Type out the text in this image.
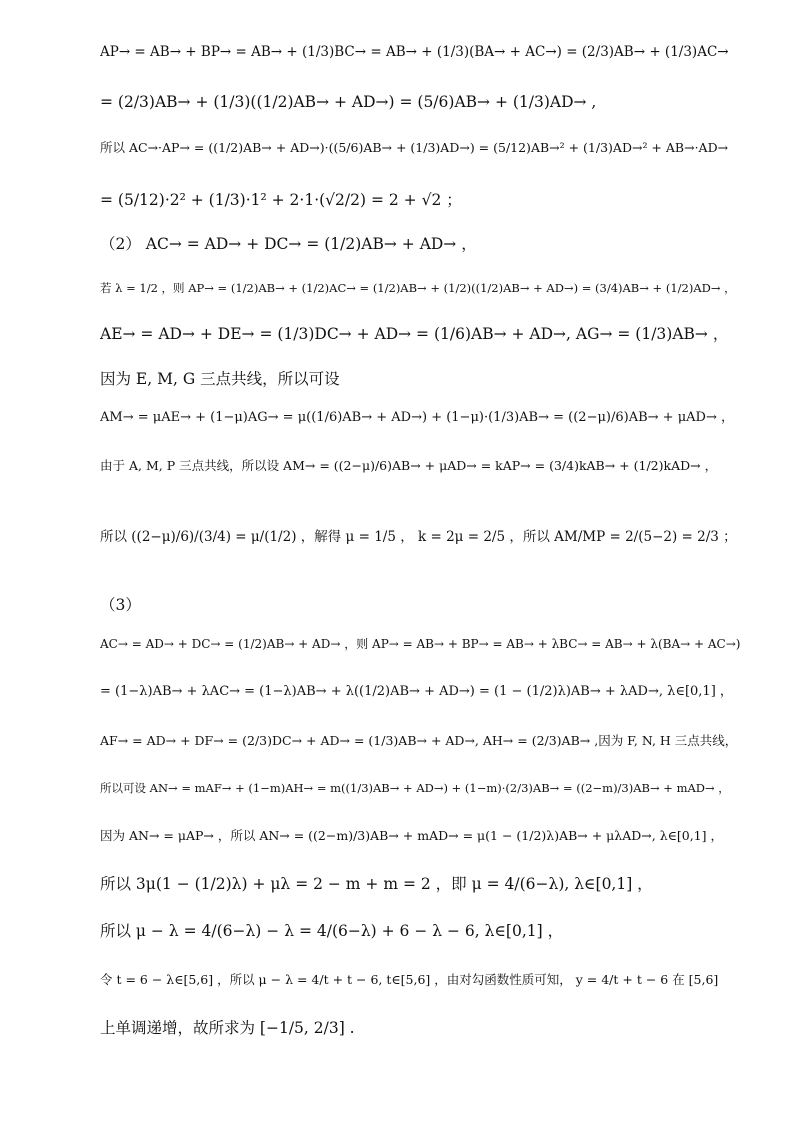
AP→ = AB→ + BP→ = AB→ + (1/3)BC→ = AB→ + (1/3)(BA→ + AC→) = (2/3)AB→ + (1/3)AC→
= (2/3)AB→ + (1/3)((1/2)AB→ + AD→) = (5/6)AB→ + (1/3)AD→ ,
所以 AC→·AP→ = ((1/2)AB→ + AD→)·((5/6)AB→ + (1/3)AD→) = (5/12)AB→² + (1/3)AD→² + AB→·AD→
= (5/12)·2² + (1/3)·1² + 2·1·(√2/2) = 2 + √2 ；
（2） AC→ = AD→ + DC→ = (1/2)AB→ + AD→ ，
若 λ = 1/2 ，则 AP→ = (1/2)AB→ + (1/2)AC→ = (1/2)AB→ + (1/2)((1/2)AB→ + AD→) = (3/4)AB→ + (1/2)AD→ ，
AE→ = AD→ + DE→ = (1/3)DC→ + AD→ = (1/6)AB→ + AD→, AG→ = (1/3)AB→ ，
因为 E, M, G 三点共线，所以可设
AM→ = μAE→ + (1−μ)AG→ = μ((1/6)AB→ + AD→) + (1−μ)·(1/3)AB→ = ((2−μ)/6)AB→ + μAD→ ，
由于 A, M, P 三点共线，所以设 AM→ = ((2−μ)/6)AB→ + μAD→ = kAP→ = (3/4)kAB→ + (1/2)kAD→ ，
所以 ((2−μ)/6)/(3/4) = μ/(1/2) ，解得 μ = 1/5 ， k = 2μ = 2/5 ，所以 AM/MP = 2/(5−2) = 2/3 ；
（3）
AC→ = AD→ + DC→ = (1/2)AB→ + AD→ ，则 AP→ = AB→ + BP→ = AB→ + λBC→ = AB→ + λ(BA→ + AC→)
= (1−λ)AB→ + λAC→ = (1−λ)AB→ + λ((1/2)AB→ + AD→) = (1 − (1/2)λ)AB→ + λAD→, λ∈[0,1] ，
AF→ = AD→ + DF→ = (2/3)DC→ + AD→ = (1/3)AB→ + AD→, AH→ = (2/3)AB→ ,因为 F, N, H 三点共线，
所以可设 AN→ = mAF→ + (1−m)AH→ = m((1/3)AB→ + AD→) + (1−m)·(2/3)AB→ = ((2−m)/3)AB→ + mAD→ ，
因为 AN→ = μAP→ ，所以 AN→ = ((2−m)/3)AB→ + mAD→ = μ(1 − (1/2)λ)AB→ + μλAD→, λ∈[0,1] ，
所以 3μ(1 − (1/2)λ) + μλ = 2 − m + m = 2 ，即 μ = 4/(6−λ), λ∈[0,1] ，
所以 μ − λ = 4/(6−λ) − λ = 4/(6−λ) + 6 − λ − 6, λ∈[0,1] ，
令 t = 6 − λ∈[5,6] ，所以 μ − λ = 4/t + t − 6, t∈[5,6] ，由对勾函数性质可知， y = 4/t + t − 6 在 [5,6]
上单调递增，故所求为 [−1/5, 2/3] .
